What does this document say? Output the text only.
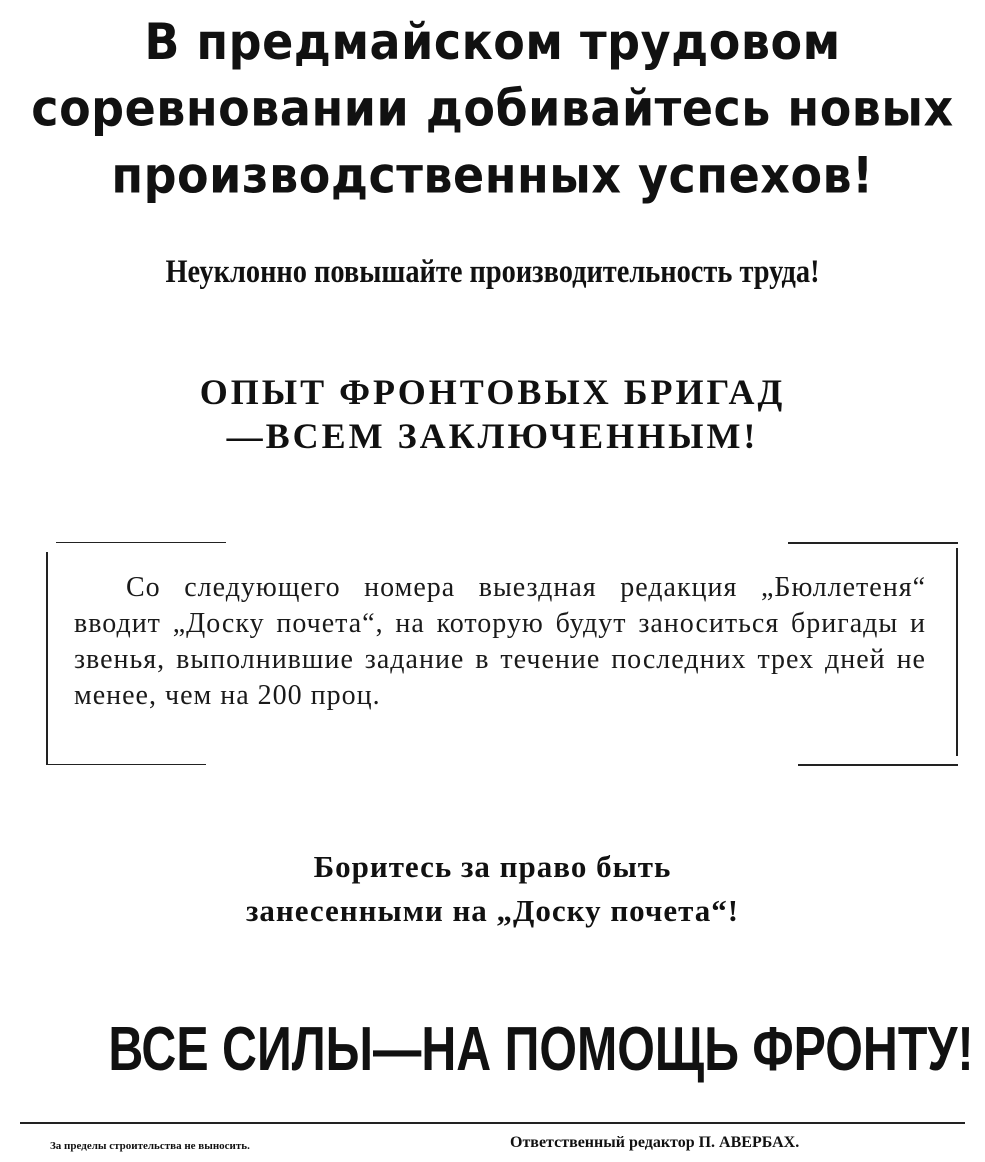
В предмайском трудовом
соревновании добивайтесь новых
производственных успехов!
Неуклонно повышайте производительность труда!
ОПЫТ ФРОНТОВЫХ БРИГАД
—ВСЕМ ЗАКЛЮЧЕННЫМ!
Со следующего номера выездная редакция „Бюллетеня“ вводит „Доску почета“, на которую будут заноситься бригады и звенья, выполнившие задание в течение последних трех дней не менее, чем на 200 проц.
Боритесь за право быть
занесенными на „Доску почета“!
ВСЕ СИЛЫ—НА ПОМОЩЬ ФРОНТУ!
За пределы строительства не выносить.	Ответственный редактор П. АВЕРБАХ.
